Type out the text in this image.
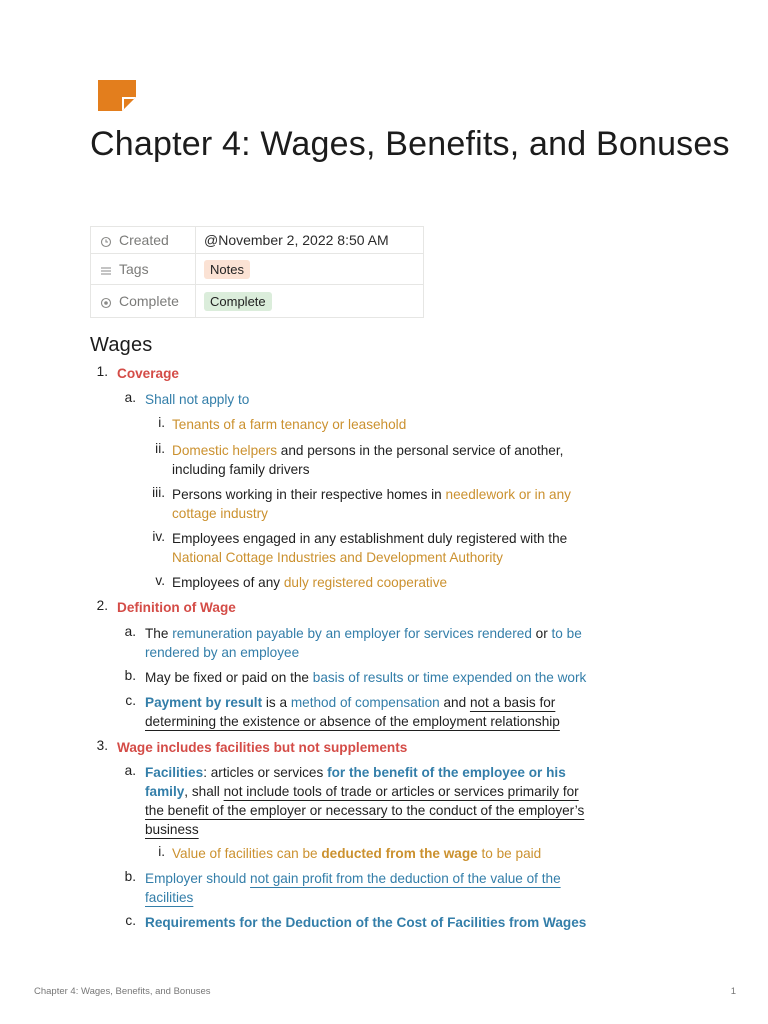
Chapter 4: Wages, Benefits, and Bonuses
Created	@November 2, 2022 8:50 AM
Tags	Notes
Complete	Complete
Wages
1. Coverage
a. Shall not apply to
i. Tenants of a farm tenancy or leasehold
ii. Domestic helpers and persons in the personal service of another,
including family drivers
iii. Persons working in their respective homes in needlework or in any
cottage industry
iv. Employees engaged in any establishment duly registered with the
National Cottage Industries and Development Authority
v. Employees of any duly registered cooperative
2. Definition of Wage
a. The remuneration payable by an employer for services rendered or to be
rendered by an employee
b. May be fixed or paid on the basis of results or time expended on the work
c. Payment by result is a method of compensation and not a basis for
determining the existence or absence of the employment relationship
3. Wage includes facilities but not supplements
a. Facilities: articles or services for the benefit of the employee or his
family, shall not include tools of trade or articles or services primarily for
the benefit of the employer or necessary to the conduct of the employer’s
business
i. Value of facilities can be deducted from the wage to be paid
b. Employer should not gain profit from the deduction of the value of the
facilities
c. Requirements for the Deduction of the Cost of Facilities from Wages
Chapter 4: Wages, Benefits, and Bonuses	1
